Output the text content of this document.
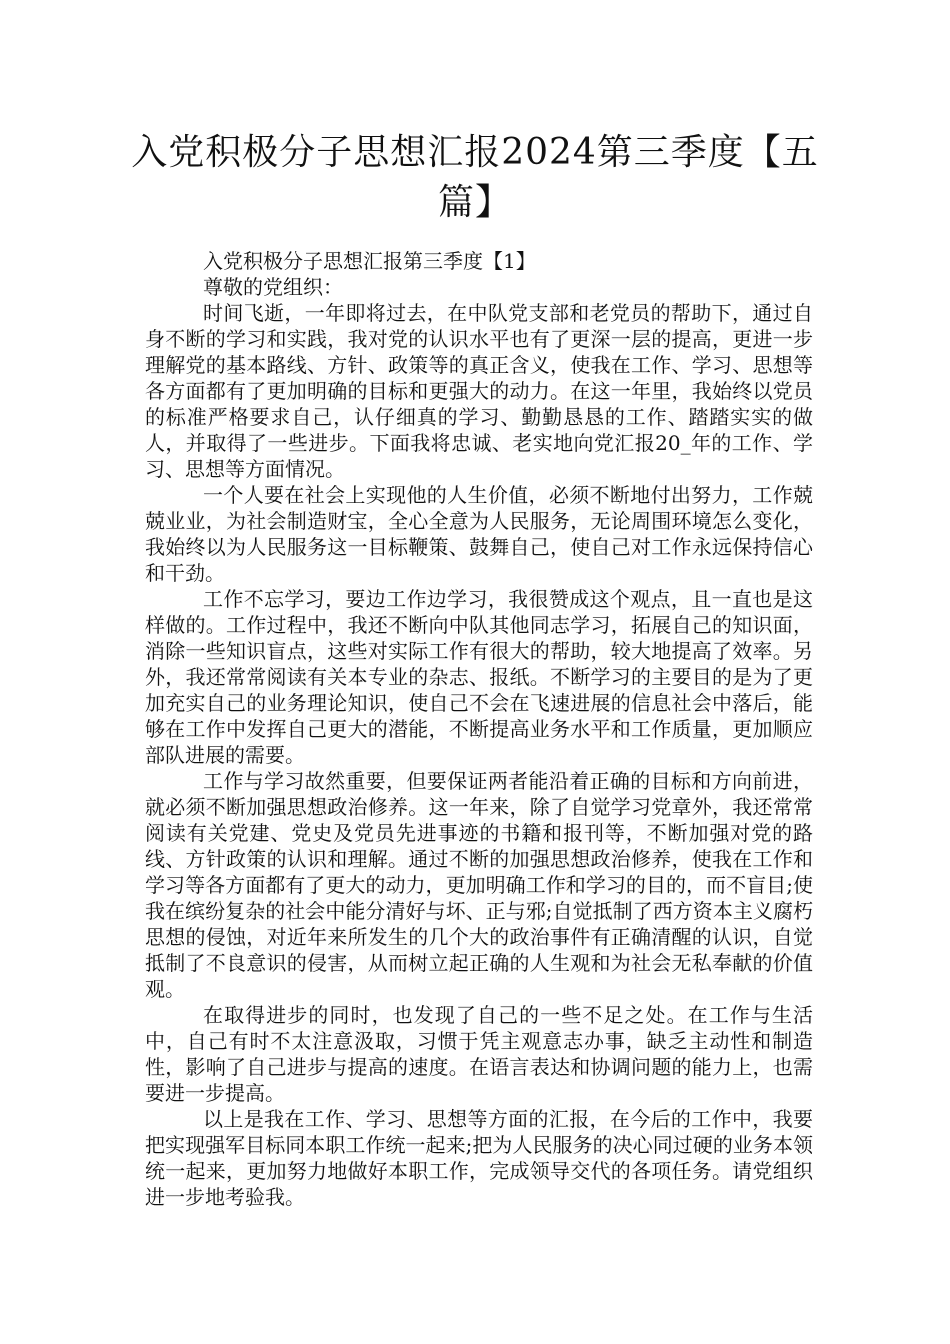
入党积极分子思想汇报2024第三季度【五篇】

入党积极分子思想汇报第三季度【1】

尊敬的党组织：

时间飞逝，一年即将过去，在中队党支部和老党员的帮助下，通过自身不断的学习和实践，我对党的认识水平也有了更深一层的提高，更进一步理解党的基本路线、方针、政策等的真正含义，使我在工作、学习、思想等各方面都有了更加明确的目标和更强大的动力。在这一年里，我始终以党员的标准严格要求自己，认仔细真的学习、勤勤恳恳的工作、踏踏实实的做人，并取得了一些进步。下面我将忠诚、老实地向党汇报20_年的工作、学习、思想等方面情况。

一个人要在社会上实现他的人生价值，必须不断地付出努力，工作兢兢业业，为社会制造财宝，全心全意为人民服务，无论周围环境怎么变化，我始终以为人民服务这一目标鞭策、鼓舞自己，使自己对工作永远保持信心和干劲。

工作不忘学习，要边工作边学习，我很赞成这个观点，且一直也是这样做的。工作过程中，我还不断向中队其他同志学习，拓展自己的知识面，消除一些知识盲点，这些对实际工作有很大的帮助，较大地提高了效率。另外，我还常常阅读有关本专业的杂志、报纸。不断学习的主要目的是为了更加充实自己的业务理论知识，使自己不会在飞速进展的信息社会中落后，能够在工作中发挥自己更大的潜能，不断提高业务水平和工作质量，更加顺应部队进展的需要。

工作与学习故然重要，但要保证两者能沿着正确的目标和方向前进，就必须不断加强思想政治修养。这一年来，除了自觉学习党章外，我还常常阅读有关党建、党史及党员先进事迹的书籍和报刊等，不断加强对党的路线、方针政策的认识和理解。通过不断的加强思想政治修养，使我在工作和学习等各方面都有了更大的动力，更加明确工作和学习的目的，而不盲目;使我在缤纷复杂的社会中能分清好与坏、正与邪;自觉抵制了西方资本主义腐朽思想的侵蚀，对近年来所发生的几个大的政治事件有正确清醒的认识，自觉抵制了不良意识的侵害，从而树立起正确的人生观和为社会无私奉献的价值观。

在取得进步的同时，也发现了自己的一些不足之处。在工作与生活中，自己有时不太注意汲取，习惯于凭主观意志办事，缺乏主动性和制造性，影响了自己进步与提高的速度。在语言表达和协调问题的能力上，也需要进一步提高。

以上是我在工作、学习、思想等方面的汇报，在今后的工作中，我要把实现强军目标同本职工作统一起来;把为人民服务的决心同过硬的业务本领统一起来，更加努力地做好本职工作，完成领导交代的各项任务。请党组织进一步地考验我。
